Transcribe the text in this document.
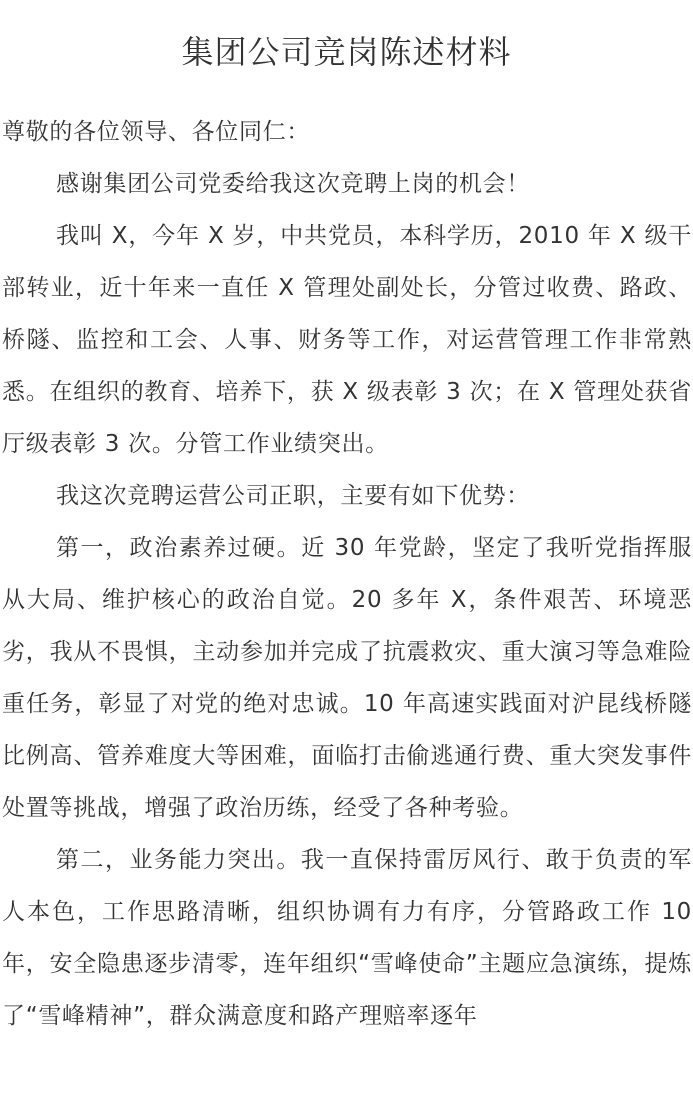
集团公司竞岗陈述材料

尊敬的各位领导、各位同仁：

感谢集团公司党委给我这次竞聘上岗的机会！

我叫 X，今年 X 岁，中共党员，本科学历，2010 年 X 级干部转业，近十年来一直任 X 管理处副处长，分管过收费、路政、桥隧、监控和工会、人事、财务等工作，对运营管理工作非常熟悉。在组织的教育、培养下，获 X 级表彰 3 次；在 X 管理处获省厅级表彰 3 次。分管工作业绩突出。

我这次竞聘运营公司正职，主要有如下优势：

第一，政治素养过硬。近 30 年党龄，坚定了我听党指挥服从大局、维护核心的政治自觉。20 多年 X，条件艰苦、环境恶劣，我从不畏惧，主动参加并完成了抗震救灾、重大演习等急难险重任务，彰显了对党的绝对忠诚。10 年高速实践面对沪昆线桥隧比例高、管养难度大等困难，面临打击偷逃通行费、重大突发事件处置等挑战，增强了政治历练，经受了各种考验。

第二，业务能力突出。我一直保持雷厉风行、敢于负责的军人本色，工作思路清晰，组织协调有力有序，分管路政工作 10 年，安全隐患逐步清零，连年组织“雪峰使命”主题应急演练，提炼了“雪峰精神”，群众满意度和路产理赔率逐年
